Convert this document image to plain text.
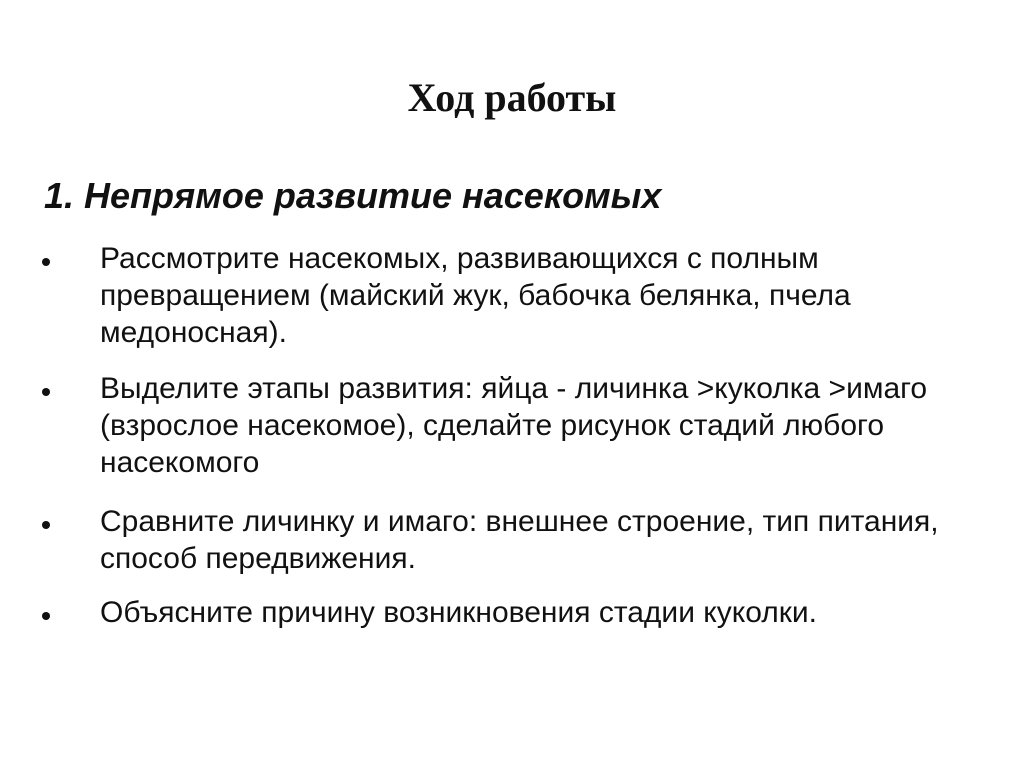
Ход работы
1. Непрямое развитие насекомых
Рассмотрите насекомых, развивающихся с полным превращением (майский жук, бабочка белянка, пчела медоносная).
Выделите этапы развития: яйца - личинка >куколка >имаго (взрослое насекомое), сделайте рисунок стадий любого насекомого
Сравните личинку и имаго: внешнее строение, тип питания, способ передвижения.
Объясните причину возникновения стадии куколки.
